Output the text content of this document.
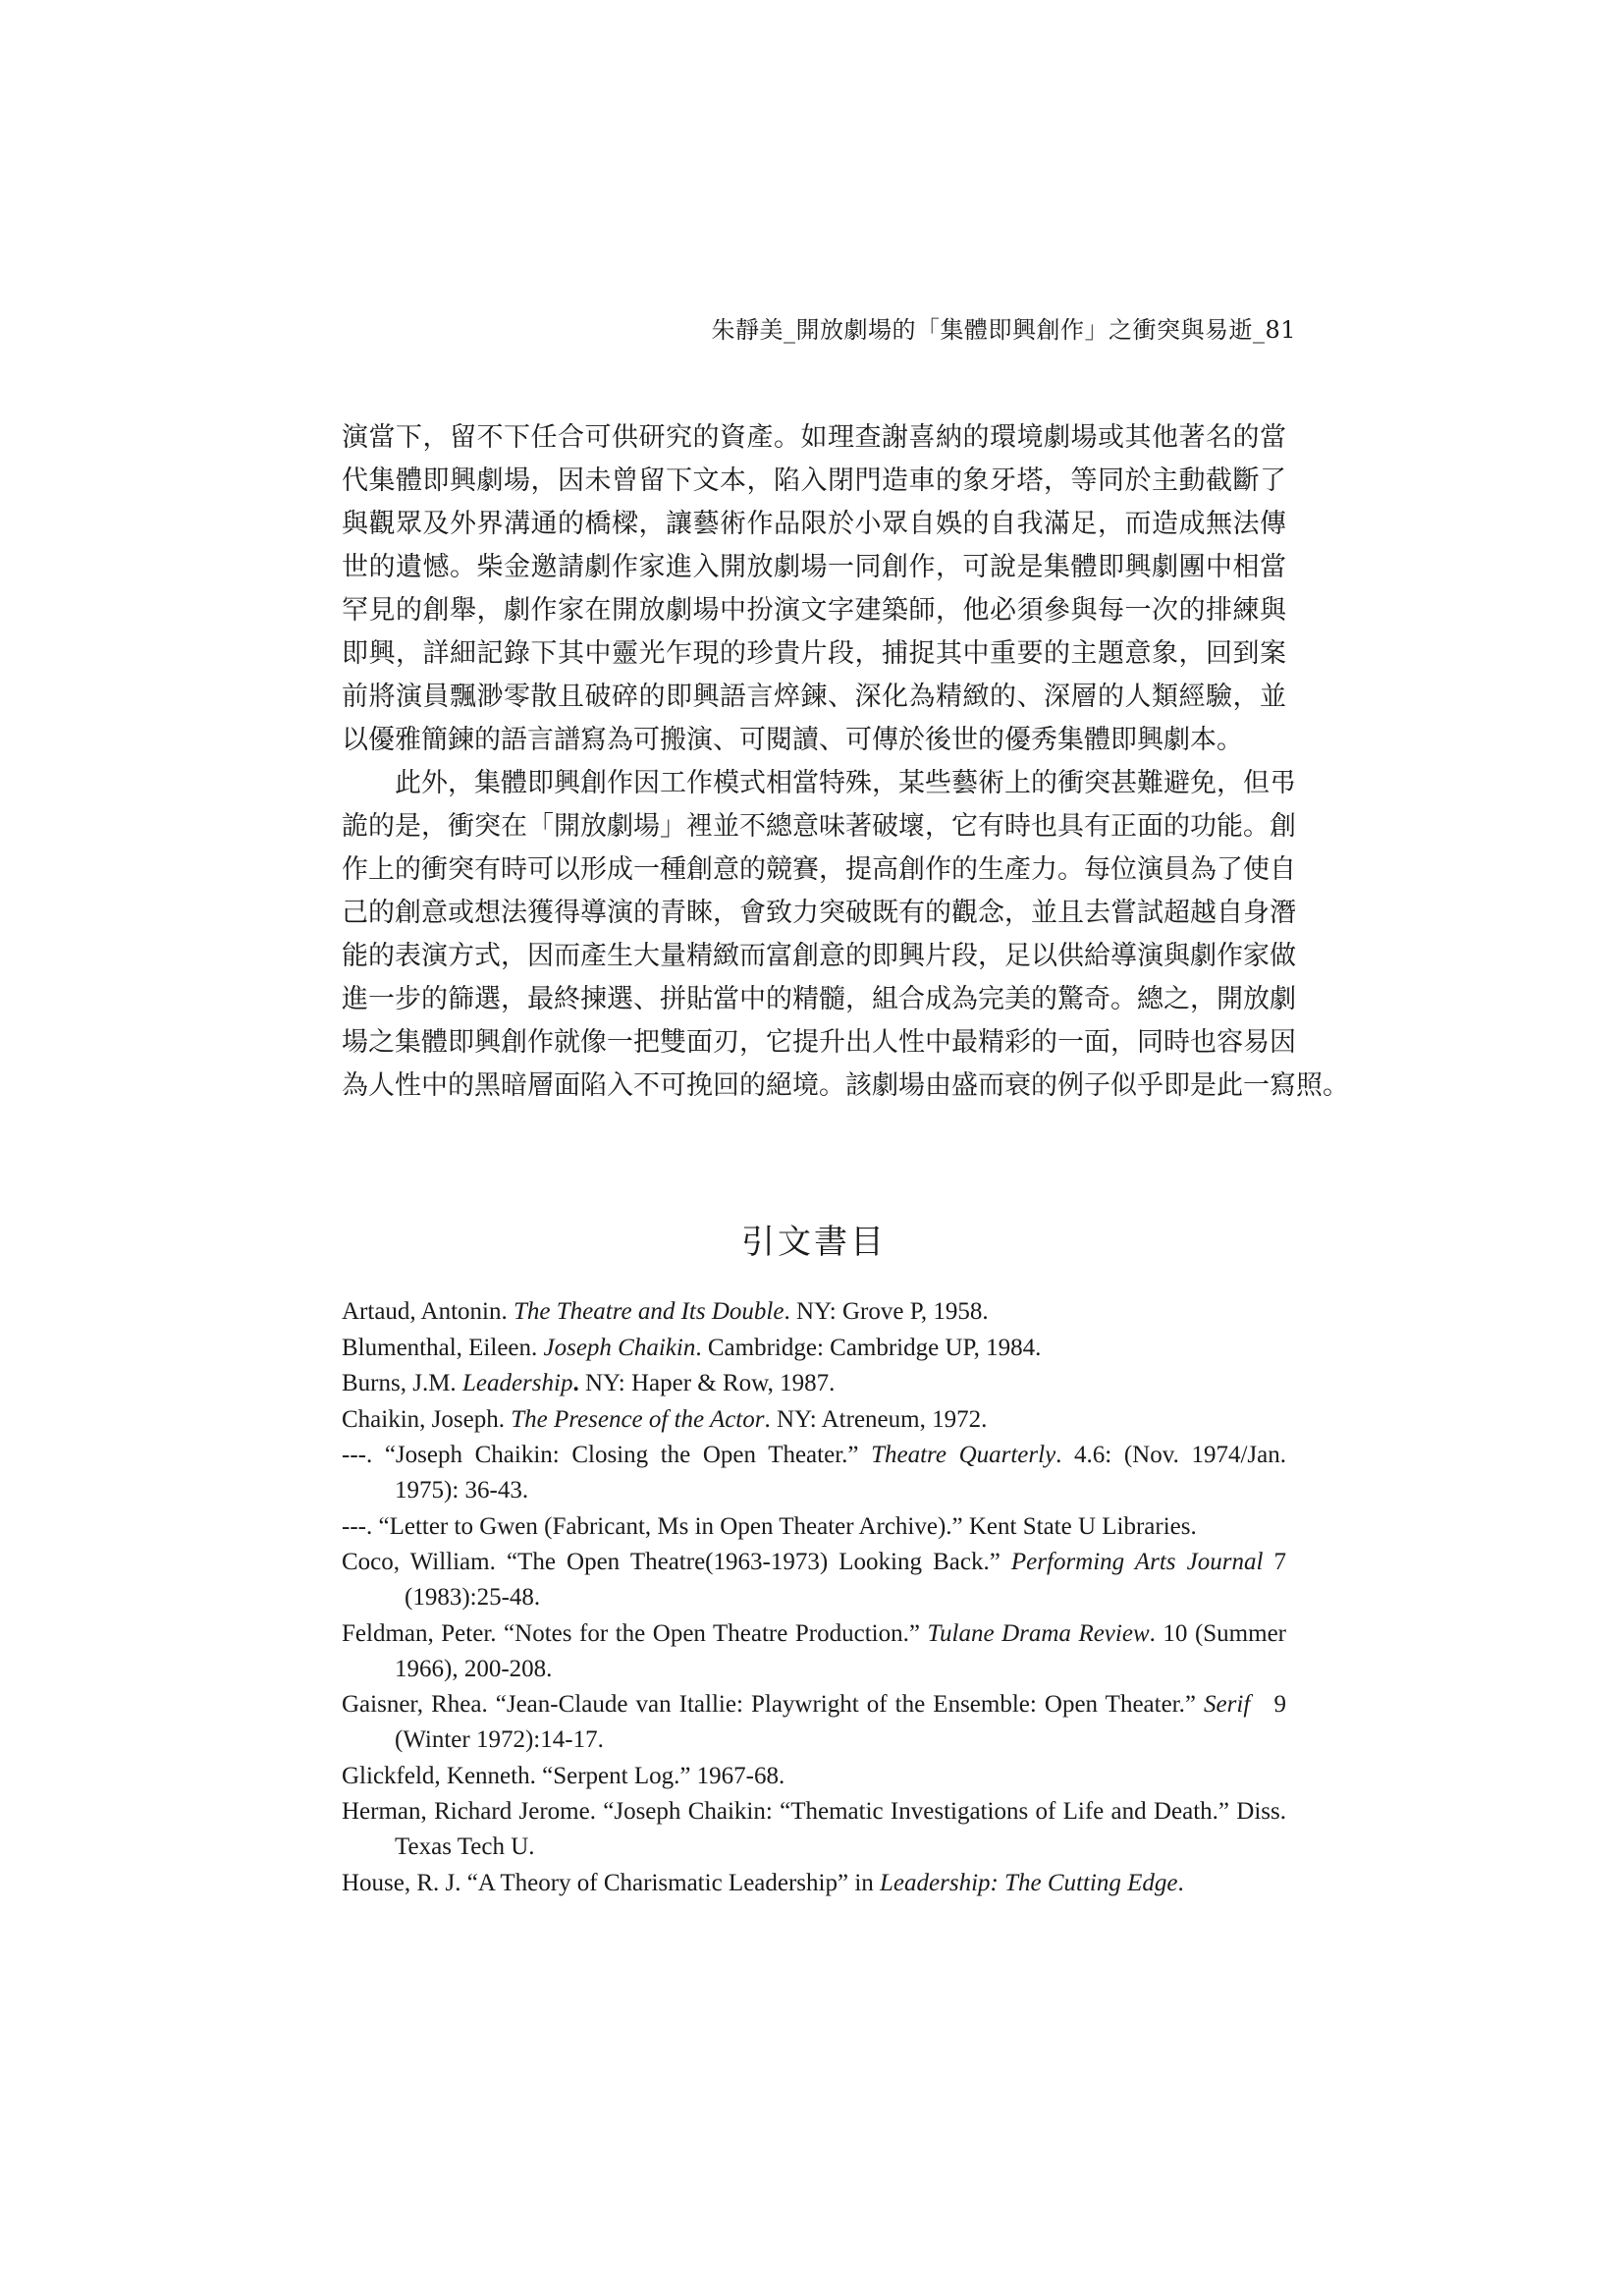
朱靜美_開放劇場的「集體即興創作」之衝突與易逝_81
演當下，留不下任合可供研究的資產。如理查謝喜納的環境劇場或其他著名的當
代集體即興劇場，因未曾留下文本，陷入閉門造車的象牙塔，等同於主動截斷了
與觀眾及外界溝通的橋樑，讓藝術作品限於小眾自娛的自我滿足，而造成無法傳
世的遺憾。柴金邀請劇作家進入開放劇場一同創作，可說是集體即興劇團中相當
罕見的創舉，劇作家在開放劇場中扮演文字建築師，他必須參與每一次的排練與
即興，詳細記錄下其中靈光乍現的珍貴片段，捕捉其中重要的主題意象，回到案
前將演員飄渺零散且破碎的即興語言焠鍊、深化為精緻的、深層的人類經驗，並
以優雅簡鍊的語言譜寫為可搬演、可閱讀、可傳於後世的優秀集體即興劇本。
此外，集體即興創作因工作模式相當特殊，某些藝術上的衝突甚難避免，但弔
詭的是，衝突在「開放劇場」裡並不總意味著破壞，它有時也具有正面的功能。創
作上的衝突有時可以形成一種創意的競賽，提高創作的生產力。每位演員為了使自
己的創意或想法獲得導演的青睞，會致力突破既有的觀念，並且去嘗試超越自身潛
能的表演方式，因而產生大量精緻而富創意的即興片段，足以供給導演與劇作家做
進一步的篩選，最終揀選、拼貼當中的精髓，組合成為完美的驚奇。總之，開放劇
場之集體即興創作就像一把雙面刃，它提升出人性中最精彩的一面，同時也容易因
為人性中的黑暗層面陷入不可挽回的絕境。該劇場由盛而衰的例子似乎即是此一寫照。
引文書目
Artaud, Antonin. The Theatre and Its Double. NY: Grove P, 1958.
Blumenthal, Eileen. Joseph Chaikin. Cambridge: Cambridge UP, 1984.
Burns, J.M. Leadership. NY: Haper & Row, 1987.
Chaikin, Joseph. The Presence of the Actor. NY: Atreneum, 1972.
---. “Joseph Chaikin: Closing the Open Theater.” Theatre Quarterly. 4.6: (Nov. 1974/Jan. 1975): 36-43.
---. “Letter to Gwen (Fabricant, Ms in Open Theater Archive).” Kent State U Libraries.
Coco, William. “The Open Theatre(1963-1973) Looking Back.” Performing Arts Journal 7 (1983):25-48.
Feldman, Peter. “Notes for the Open Theatre Production.” Tulane Drama Review. 10 (Summer 1966), 200-208.
Gaisner, Rhea. “Jean-Claude van Itallie: Playwright of the Ensemble: Open Theater.” Serif   9 (Winter 1972):14-17.
Glickfeld, Kenneth. “Serpent Log.” 1967-68.
Herman, Richard Jerome. “Joseph Chaikin: “Thematic Investigations of Life and Death.” Diss. Texas Tech U.
House, R. J. “A Theory of Charismatic Leadership” in Leadership: The Cutting Edge.
